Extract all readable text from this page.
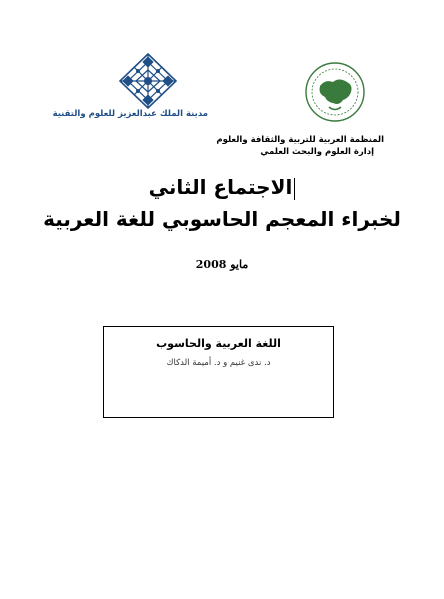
مدينة الملك عبدالعزيز للعلوم والتقنية
المنظمة العربية للتربية والثقافة والعلوم
إدارة العلوم والبحث العلمي
الاجتماع الثاني
لخبراء المعجم الحاسوبي للغة العربية
مايو 2008
اللغة العربية والحاسوب
د. ندى غنيم و د. أميمة الدكاك
